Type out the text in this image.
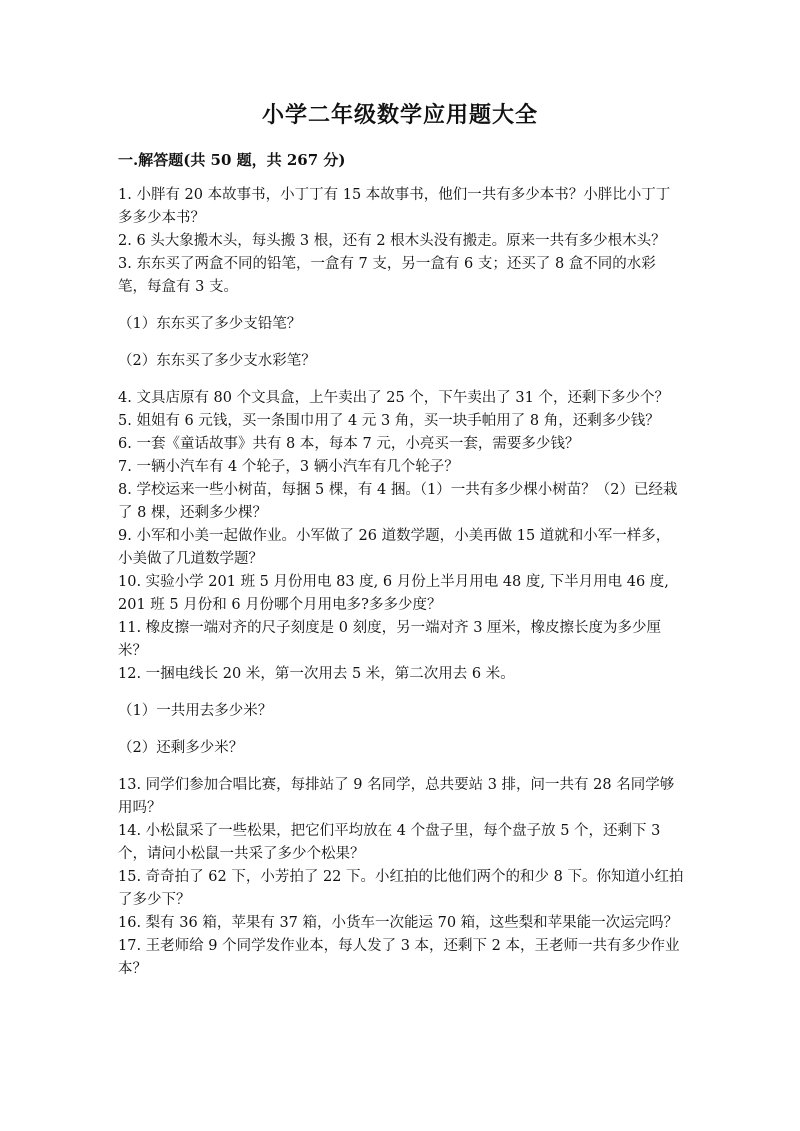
小学二年级数学应用题大全
一.解答题(共 50 题，共 267 分)

1. 小胖有 20 本故事书，小丁丁有 15 本故事书，他们一共有多少本书？小胖比小丁丁多多少本书？

2. 6 头大象搬木头，每头搬 3 根，还有 2 根木头没有搬走。原来一共有多少根木头？

3. 东东买了两盒不同的铅笔，一盒有 7 支，另一盒有 6 支；还买了 8 盒不同的水彩笔，每盒有 3 支。

（1）东东买了多少支铅笔？

（2）东东买了多少支水彩笔？

4. 文具店原有 80 个文具盒，上午卖出了 25 个，下午卖出了 31 个，还剩下多少个？

5. 姐姐有 6 元钱，买一条围巾用了 4 元 3 角，买一块手帕用了 8 角，还剩多少钱？

6. 一套《童话故事》共有 8 本，每本 7 元，小亮买一套，需要多少钱？

7. 一辆小汽车有 4 个轮子，3 辆小汽车有几个轮子？

8. 学校运来一些小树苗，每捆 5 棵，有 4 捆。（1）一共有多少棵小树苗？（2）已经栽了 8 棵，还剩多少棵？

9. 小军和小美一起做作业。小军做了 26 道数学题，小美再做 15 道就和小军一样多，小美做了几道数学题？

10. 实验小学 201 班 5 月份用电 83 度, 6 月份上半月用电 48 度, 下半月用电 46 度, 201 班 5 月份和 6 月份哪个月用电多?多多少度？

11. 橡皮擦一端对齐的尺子刻度是 0 刻度，另一端对齐 3 厘米，橡皮擦长度为多少厘米？

12. 一捆电线长 20 米，第一次用去 5 米，第二次用去 6 米。

（1）一共用去多少米？

（2）还剩多少米？

13. 同学们参加合唱比赛，每排站了 9 名同学，总共要站 3 排，问一共有 28 名同学够用吗？

14. 小松鼠采了一些松果，把它们平均放在 4 个盘子里，每个盘子放 5 个，还剩下 3 个，请问小松鼠一共采了多少个松果？

15. 奇奇拍了 62 下，小芳拍了 22 下。小红拍的比他们两个的和少 8 下。你知道小红拍了多少下？

16. 梨有 36 箱，苹果有 37 箱，小货车一次能运 70 箱，这些梨和苹果能一次运完吗？

17. 王老师给 9 个同学发作业本，每人发了 3 本，还剩下 2 本，王老师一共有多少作业本？
